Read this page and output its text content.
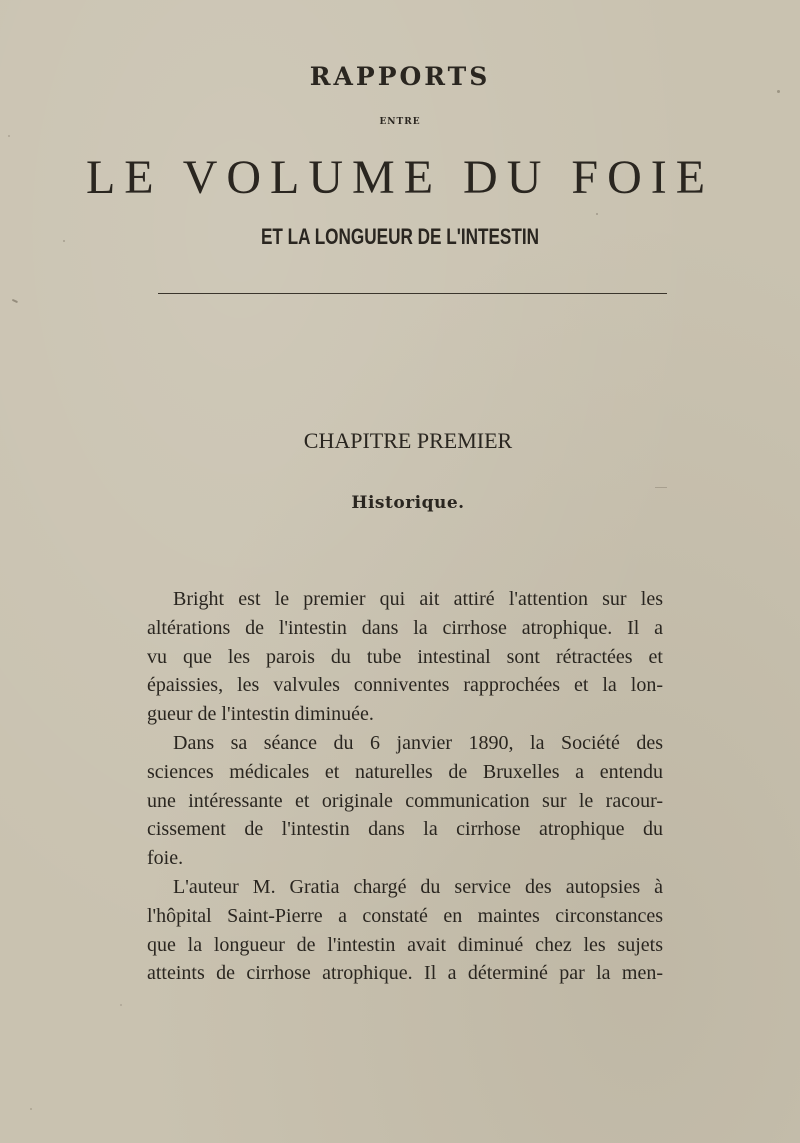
RAPPORTS
ENTRE
LE VOLUME DU FOIE
ET LA LONGUEUR DE L'INTESTIN
CHAPITRE PREMIER
Historique.
Bright est le premier qui ait attiré l'attention sur les
altérations de l'intestin dans la cirrhose atrophique. Il a
vu que les parois du tube intestinal sont rétractées et
épaissies, les valvules conniventes rapprochées et la lon-
gueur de l'intestin diminuée.
Dans sa séance du 6 janvier 1890, la Société des
sciences médicales et naturelles de Bruxelles a entendu
une intéressante et originale communication sur le racour-
cissement de l'intestin dans la cirrhose atrophique du
foie.
L'auteur M. Gratia chargé du service des autopsies à
l'hôpital Saint-Pierre a constaté en maintes circonstances
que la longueur de l'intestin avait diminué chez les sujets
atteints de cirrhose atrophique. Il a déterminé par la men-
